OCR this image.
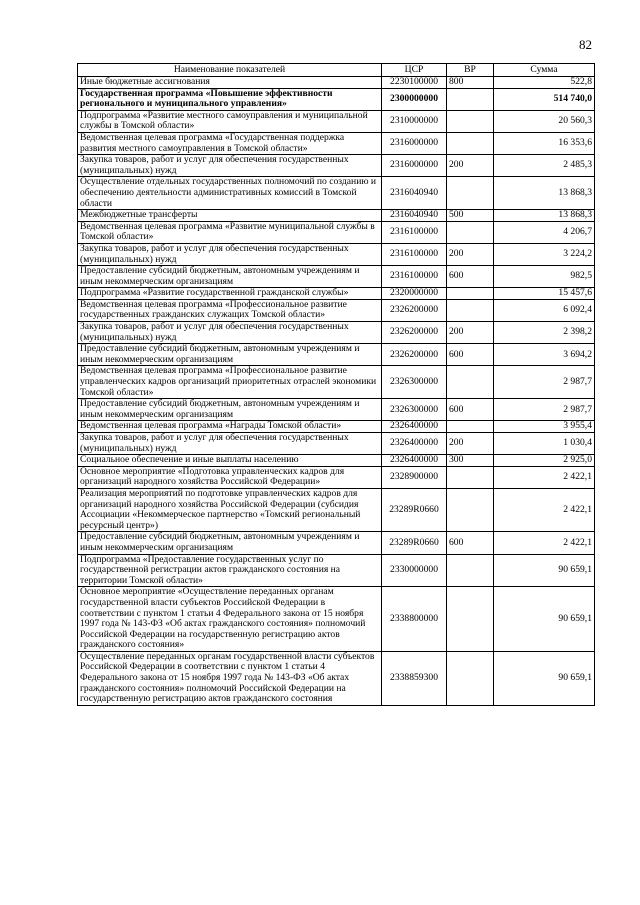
82
Наименование показателей	ЦСР	ВР	Сумма
Иные бюджетные ассигнования	2230100000	800	522,8
Государственная программа «Повышение эффективности регионального и муниципального управления»	2300000000		514 740,0
Подпрограмма «Развитие местного самоуправления и муниципальной службы в Томской области»	2310000000		20 560,3
Ведомственная целевая программа «Государственная поддержка развития местного самоуправления в Томской области»	2316000000		16 353,6
Закупка товаров, работ и услуг для обеспечения государственных (муниципальных) нужд	2316000000	200	2 485,3
Осуществление отдельных государственных полномочий по созданию и обеспечению деятельности административных комиссий в Томской области	2316040940		13 868,3
Межбюджетные трансферты	2316040940	500	13 868,3
Ведомственная целевая программа «Развитие муниципальной службы в Томской области»	2316100000		4 206,7
Закупка товаров, работ и услуг для обеспечения государственных (муниципальных) нужд	2316100000	200	3 224,2
Предоставление субсидий бюджетным, автономным учреждениям и иным некоммерческим организациям	2316100000	600	982,5
Подпрограмма «Развитие государственной гражданской службы»	2320000000		15 457,6
Ведомственная целевая программа «Профессиональное развитие государственных гражданских служащих Томской области»	2326200000		6 092,4
Закупка товаров, работ и услуг для обеспечения государственных (муниципальных) нужд	2326200000	200	2 398,2
Предоставление субсидий бюджетным, автономным учреждениям и иным некоммерческим организациям	2326200000	600	3 694,2
Ведомственная целевая программа «Профессиональное развитие управленческих кадров организаций приоритетных отраслей экономики Томской области»	2326300000		2 987,7
Предоставление субсидий бюджетным, автономным учреждениям и иным некоммерческим организациям	2326300000	600	2 987,7
Ведомственная целевая программа «Награды Томской области»	2326400000		3 955,4
Закупка товаров, работ и услуг для обеспечения государственных (муниципальных) нужд	2326400000	200	1 030,4
Социальное обеспечение и иные выплаты населению	2326400000	300	2 925,0
Основное мероприятие «Подготовка управленческих кадров для организаций народного хозяйства Российской Федерации»	2328900000		2 422,1
Реализация мероприятий по подготовке управленческих кадров для организаций народного хозяйства Российской Федерации (субсидия Ассоциации «Некоммерческое партнерство «Томский региональный ресурсный центр»)	23289R0660		2 422,1
Предоставление субсидий бюджетным, автономным учреждениям и иным некоммерческим организациям	23289R0660	600	2 422,1
Подпрограмма «Предоставление государственных услуг по государственной регистрации актов гражданского состояния на территории Томской области»	2330000000		90 659,1
Основное мероприятие «Осуществление переданных органам государственной власти субъектов Российской Федерации в соответствии с пунктом 1 статьи 4 Федерального закона от 15 ноября 1997 года № 143-ФЗ «Об актах гражданского состояния» полномочий Российской Федерации на государственную регистрацию актов гражданского состояния»	2338800000		90 659,1
Осуществление переданных органам государственной власти субъектов Российской Федерации в соответствии с пунктом 1 статьи 4 Федерального закона от 15 ноября 1997 года № 143-ФЗ «Об актах гражданского состояния» полномочий Российской Федерации на государственную регистрацию актов гражданского состояния	2338859300		90 659,1
